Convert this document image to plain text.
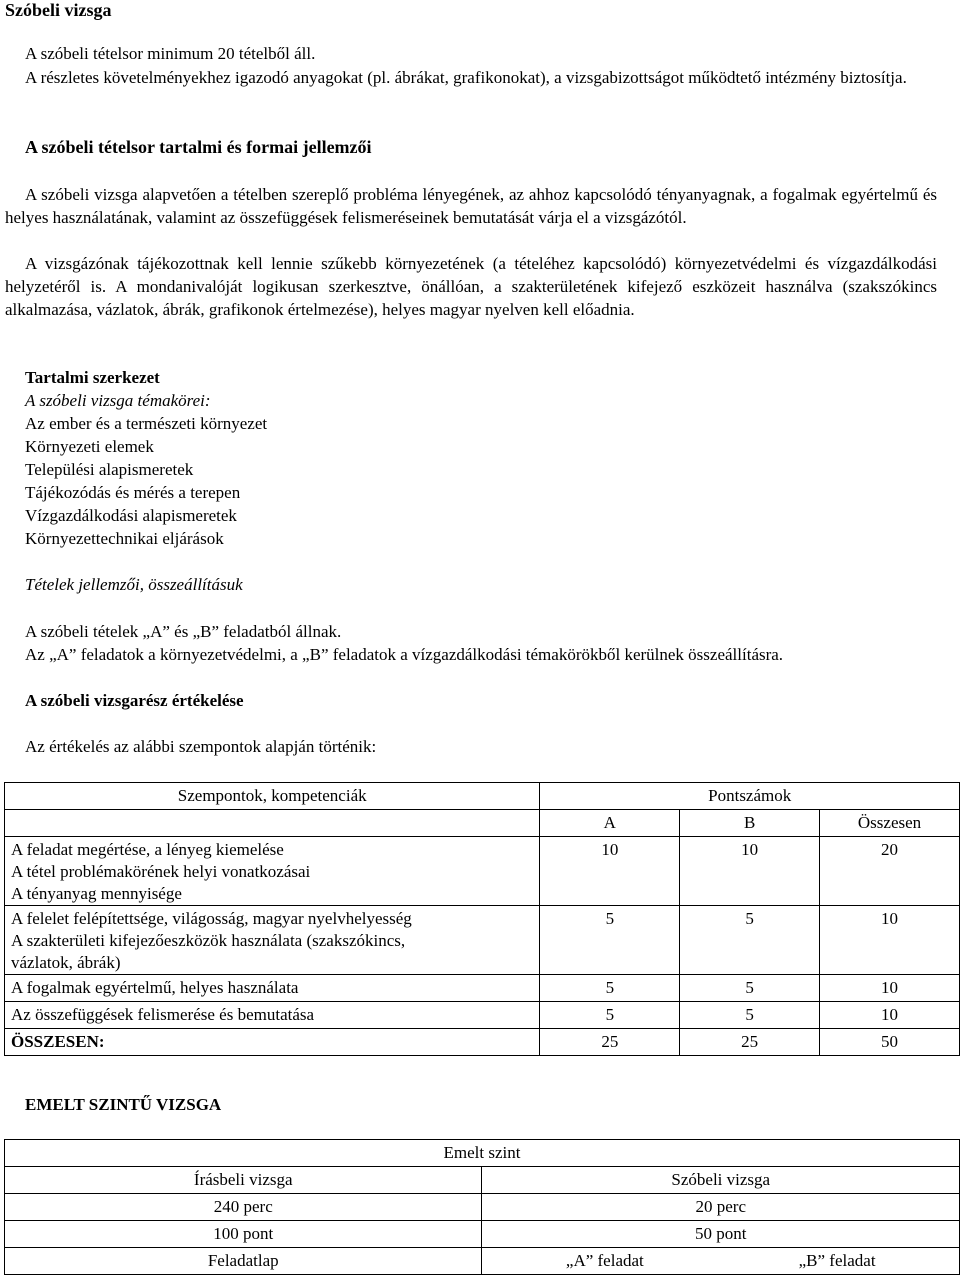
Szóbeli vizsga
A szóbeli tételsor minimum 20 tételből áll.
A részletes követelményekhez igazodó anyagokat (pl. ábrákat, grafikonokat), a vizsgabizottságot működtető intézmény biztosítja.
A szóbeli tételsor tartalmi és formai jellemzői
A szóbeli vizsga alapvetően a tételben szereplő probléma lényegének, az ahhoz kapcsolódó tényanyagnak, a fogalmak egyértelmű és helyes használatának, valamint az összefüggések felismeréseinek bemutatását várja el a vizsgázótól.
A vizsgázónak tájékozottnak kell lennie szűkebb környezetének (a tételéhez kapcsolódó) környezetvédelmi és vízgazdálkodási helyzetéről is. A mondanivalóját logikusan szerkesztve, önállóan, a szakterületének kifejező eszközeit használva (szakszókincs alkalmazása, vázlatok, ábrák, grafikonok értelmezése), helyes magyar nyelven kell előadnia.
Tartalmi szerkezet
A szóbeli vizsga témakörei:
Az ember és a természeti környezet
Környezeti elemek
Települési alapismeretek
Tájékozódás és mérés a terepen
Vízgazdálkodási alapismeretek
Környezettechnikai eljárások
Tételek jellemzői, összeállításuk
A szóbeli tételek „A” és „B” feladatból állnak.
Az „A” feladatok a környezetvédelmi, a „B” feladatok a vízgazdálkodási témakörökből kerülnek összeállításra.
A szóbeli vizsgarész értékelése
Az értékelés az alábbi szempontok alapján történik:
Szempontok, kompetenciák	Pontszámok		
	A	B	Összesen

A feladat megértése, a lényeg kiemelése
A tétel problémakörének helyi vonatkozásai
A tényanyag mennyisége	10	10	20

A felelet felépítettsége, világosság, magyar nyelvhelyesség
A szakterületi kifejezőeszközök használata (szakszókincs,
vázlatok, ábrák)	5	5	10
A fogalmak egyértelmű, helyes használata	5	5	10
Az összefüggések felismerése és bemutatása	5	5	10
ÖSSZESEN:	25	25	50
EMELT SZINTŰ VIZSGA
Emelt szint	
Írásbeli vizsga	Szóbeli vizsga
240 perc	20 perc
100 pont	50 pont
Feladatlap	„A” feladat „B” feladat
